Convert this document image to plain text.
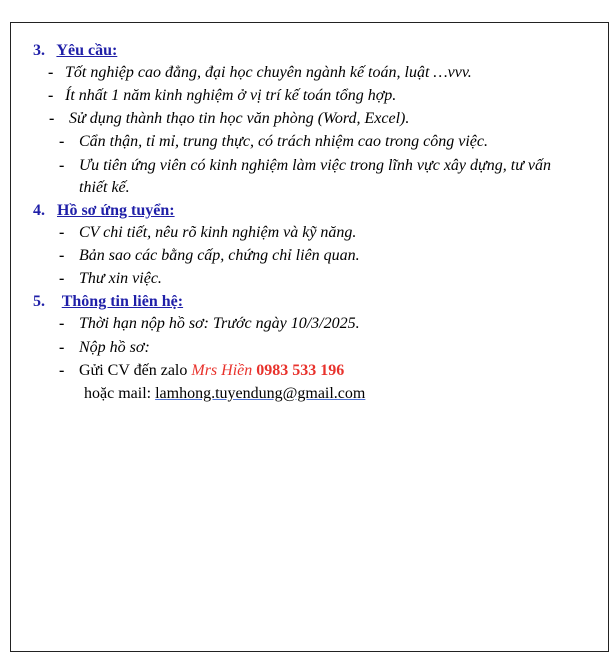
3. Yêu cầu:
- Tốt nghiệp cao đẳng, đại học chuyên ngành kế toán, luật …vvv.
- Ít nhất 1 năm kinh nghiệm ở vị trí kế toán tổng hợp.
- Sử dụng thành thạo tin học văn phòng (Word, Excel).
- Cẩn thận, tỉ mỉ, trung thực, có trách nhiệm cao trong công việc.
- Ưu tiên ứng viên có kinh nghiệm làm việc trong lĩnh vực xây dựng, tư vấn
thiết kế.
4. Hồ sơ ứng tuyển:
- CV chi tiết, nêu rõ kinh nghiệm và kỹ năng.
- Bản sao các bằng cấp, chứng chỉ liên quan.
- Thư xin việc.
5. Thông tin liên hệ:
- Thời hạn nộp hồ sơ: Trước ngày 10/3/2025.
- Nộp hồ sơ:
- Gửi CV đến zalo Mrs Hiền 0983 533 196
hoặc mail: lamhong.tuyendung@gmail.com
